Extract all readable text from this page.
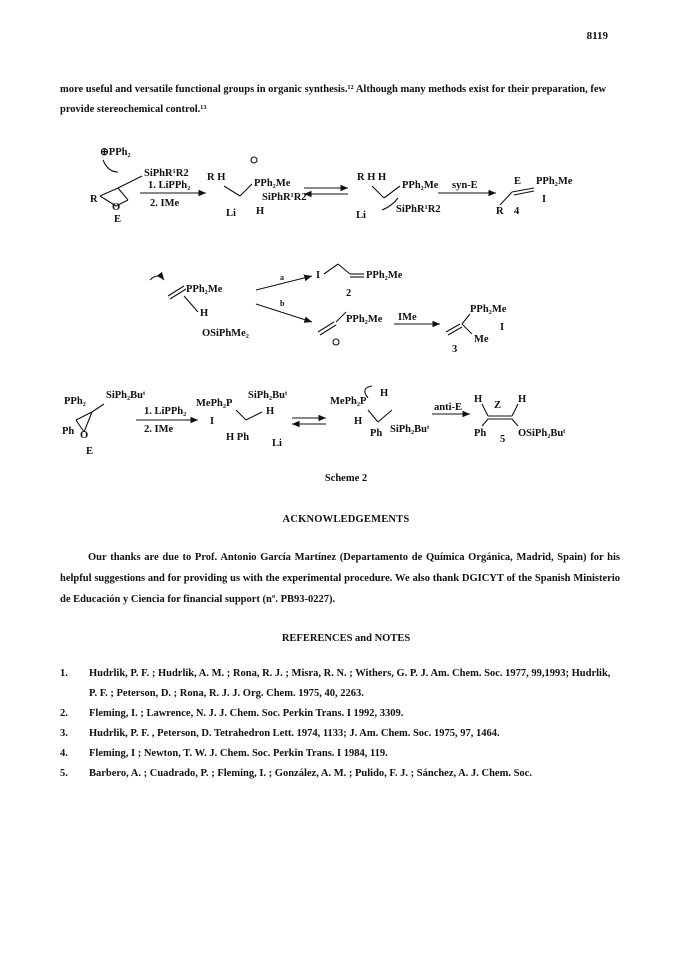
8119
more useful and versatile functional groups in organic synthesis.¹² Although many methods exist for their preparation, few provide stereochemical control.¹³
⊕PPh₂
SiPhR¹R2
R
O
E
1. LiPPh₂
2. IMe
R H
PPh₂Me
SiPhR¹R2
Li H
R H H
PPh₂Me
SiPhR¹R2
Li
syn-E	E PPh₂Me
R 4
I
PPh₂Me
H
OSiPhMe₂
a	I	PPh₂Me
2
b
PPh₂Me IMe
PPh₂Me
Me
I
3
PPh₂
SiPh₂Buᵗ
Ph O
E
1. LiPPh₂
2. IMe
MePh₂P
SiPh₂Buᵗ
H
H Ph
Li
I
MePh₂P
H
H
Ph SiPh₂Buᵗ
anti-E
H
Z
H
Ph
5
OSiPh₂Buᵗ
Scheme 2
ACKNOWLEDGEMENTS
Our thanks are due to Prof. Antonio García Martínez (Departamento de Química Orgánica, Madrid, Spain) for his helpful suggestions and for providing us with the experimental procedure. We also thank DGICYT of the Spanish Ministerio de Educación y Ciencia for financial support (nº. PB93-0227).
REFERENCES and NOTES
1. Hudrlik, P. F. ; Hudrlik, A. M. ; Rona, R. J. ; Misra, R. N. ; Withers, G. P. J. Am. Chem. Soc. 1977, 99,1993; Hudrlik, P. F. ; Peterson, D. ; Rona, R. J. J. Org. Chem. 1975, 40, 2263.
2. Fleming, I. ; Lawrence, N. J. J. Chem. Soc. Perkin Trans. I 1992, 3309.
3. Hudrlik, P. F. , Peterson, D. Tetrahedron Lett. 1974, 1133; J. Am. Chem. Soc. 1975, 97, 1464.
4. Fleming, I ; Newton, T. W. J. Chem. Soc. Perkin Trans. I 1984, 119.
5. Barbero, A. ; Cuadrado, P. ; Fleming, I. ; González, A. M. ; Pulido, F. J. ; Sánchez, A. J. Chem. Soc.
